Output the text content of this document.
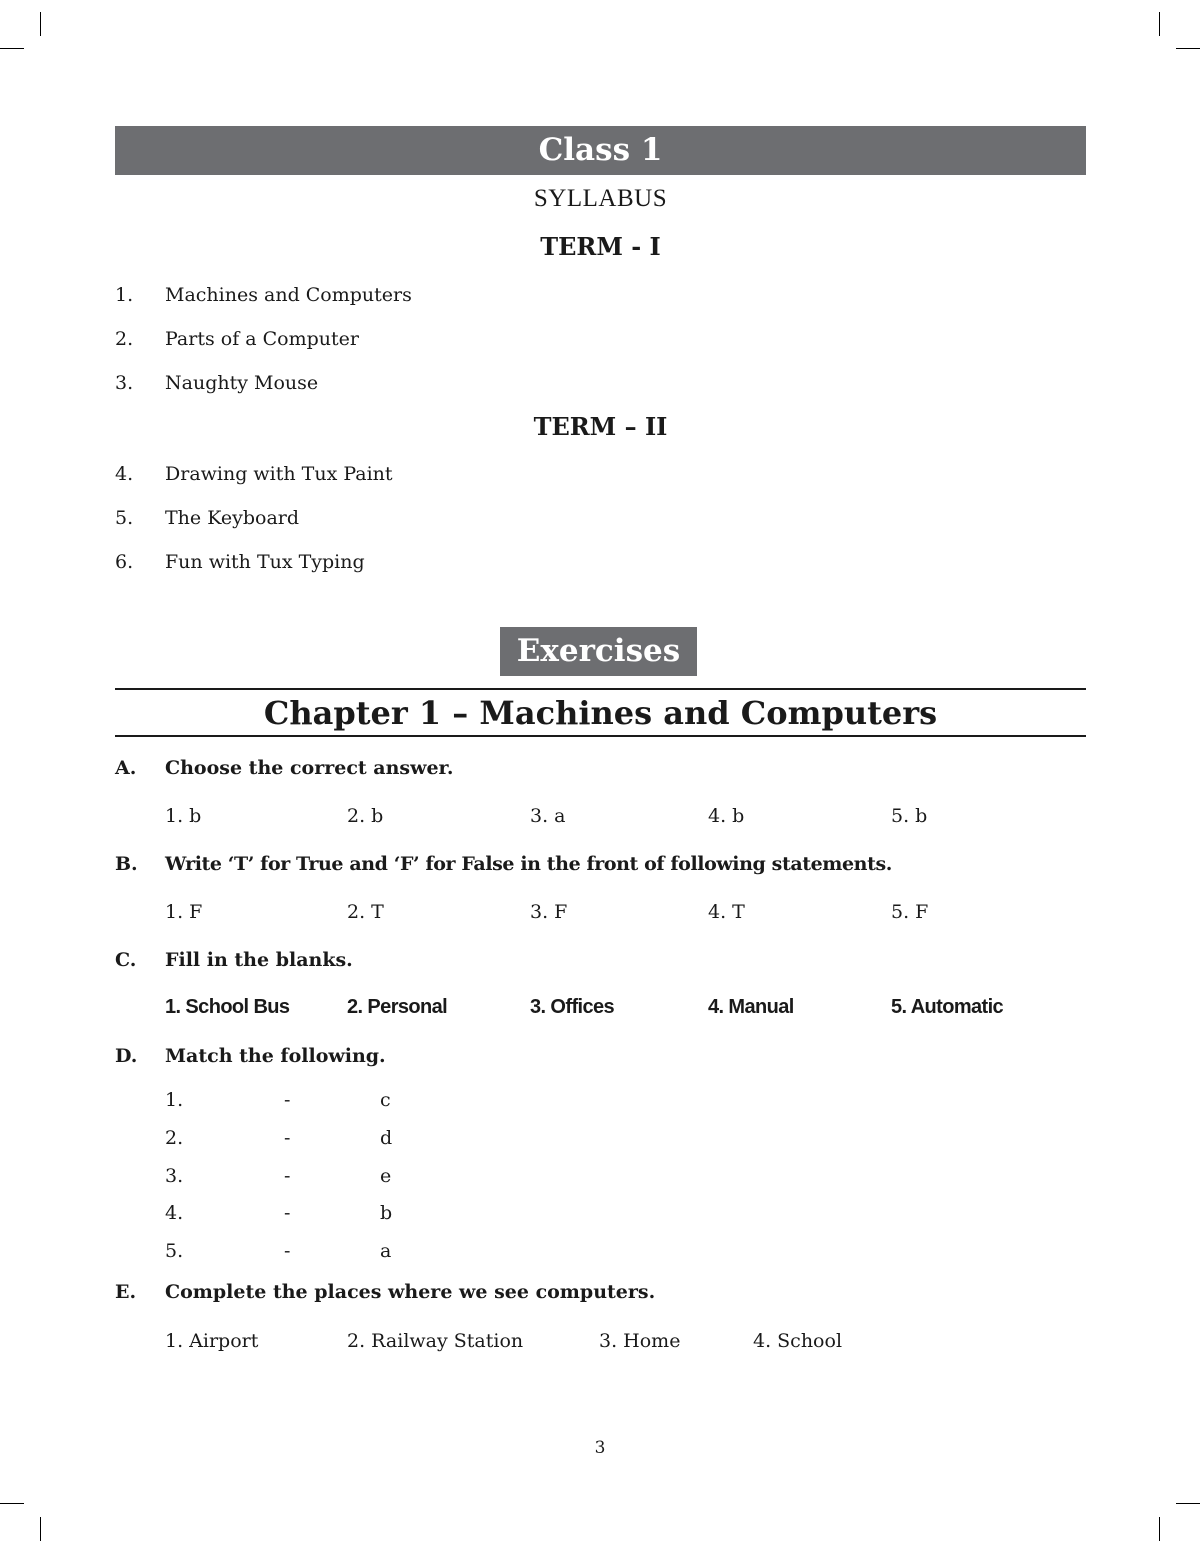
Class 1
SYLLABUS
TERM - I
1. Machines and Computers
2. Parts of a Computer
3. Naughty Mouse
TERM – II
4. Drawing with Tux Paint
5. The Keyboard
6. Fun with Tux Typing
Exercises
Chapter 1 – Machines and Computers
A. Choose the correct answer.
1. b	2. b	3. a	4. b	5. b
B. Write ‘T’ for True and ‘F’ for False in the front of following statements.
1. F	2. T	3. F	4. T	5. F
C. Fill in the blanks.
1. School Bus	2. Personal	3. Offices	4. Manual	5. Automatic
D. Match the following.
1.	-	c
2.	-	d
3.	-	e
4.	-	b
5.	-	a
E. Complete the places where we see computers.
1. Airport	2. Railway Station	3. Home	4. School
3
